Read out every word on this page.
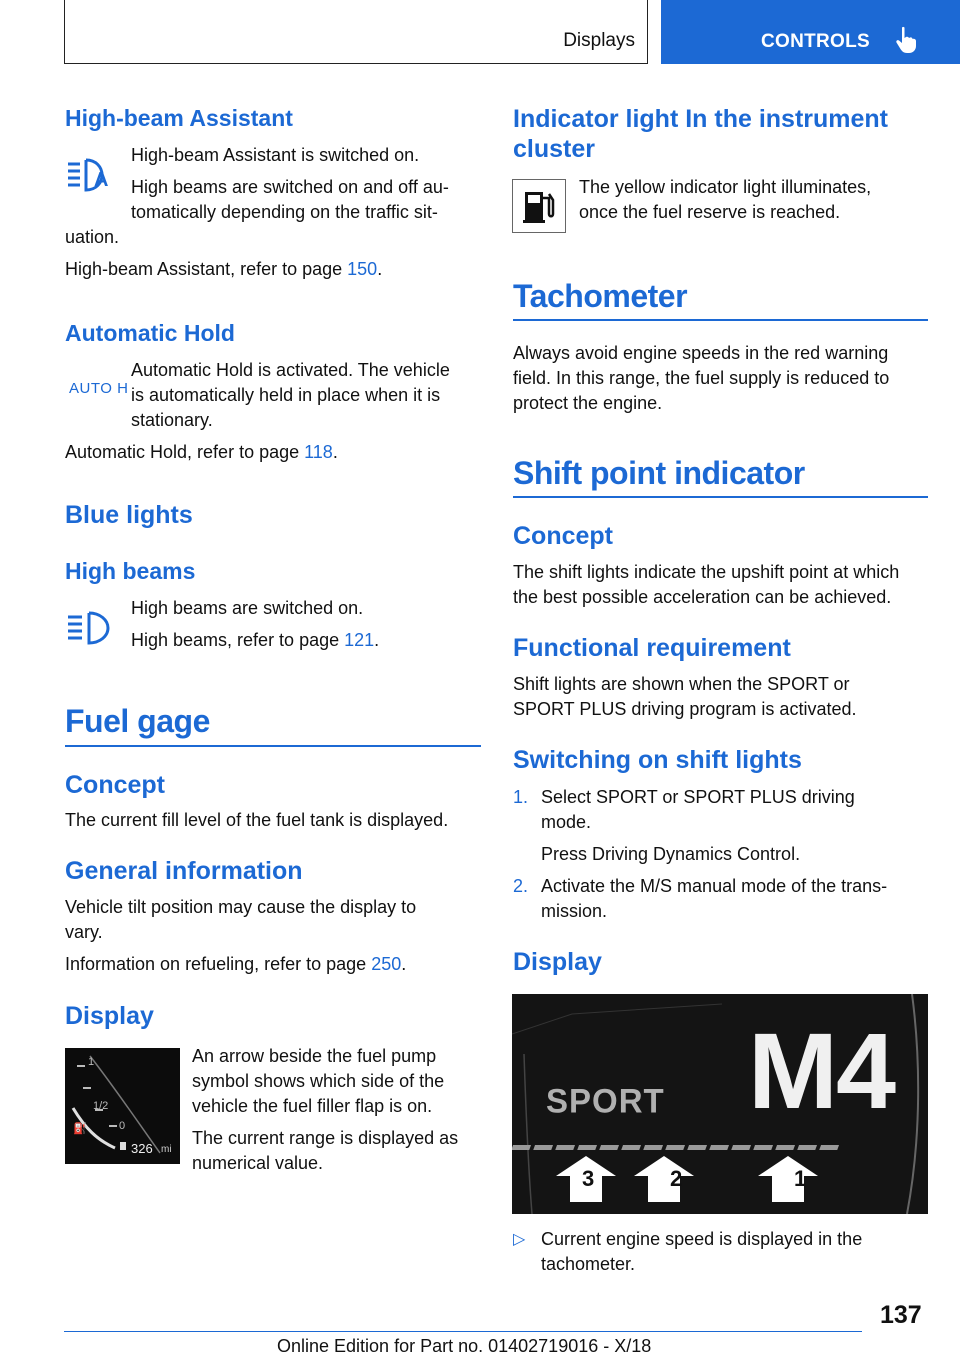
Displays	CONTROLS
High-beam Assistant
A
High-beam Assistant is switched on.
High beams are switched on and off au-
tomatically depending on the traffic sit-
uation.
High-beam Assistant, refer to page 150.
Automatic Hold
AUTO H
Automatic Hold is activated. The vehicle
is automatically held in place when it is
stationary.
Automatic Hold, refer to page 118.
Blue lights
High beams
High beams are switched on.
High beams, refer to page 121.
Fuel gage
Concept
The current fill level of the fuel tank is displayed.
General information
Vehicle tilt position may cause the display to
vary.
Information on refueling, refer to page 250.
Display
1
1/2
0
⛽
326 mi
An arrow beside the fuel pump
symbol shows which side of the
vehicle the fuel filler flap is on.
The current range is displayed as
numerical value.
Indicator light In the instrument
cluster
The yellow indicator light illuminates,
once the fuel reserve is reached.
Tachometer
Always avoid engine speeds in the red warning
field. In this range, the fuel supply is reduced to
protect the engine.
Shift point indicator
Concept
The shift lights indicate the upshift point at which
the best possible acceleration can be achieved.
Functional requirement
Shift lights are shown when the SPORT or
SPORT PLUS driving program is activated.
Switching on shift lights
1. Select SPORT or SPORT PLUS driving
mode.
Press Driving Dynamics Control.
2. Activate the M/S manual mode of the trans-
mission.
Display
SPORT M4
3	2	1
▷ Current engine speed is displayed in the
tachometer.
137
Online Edition for Part no. 01402719016 - X/18
